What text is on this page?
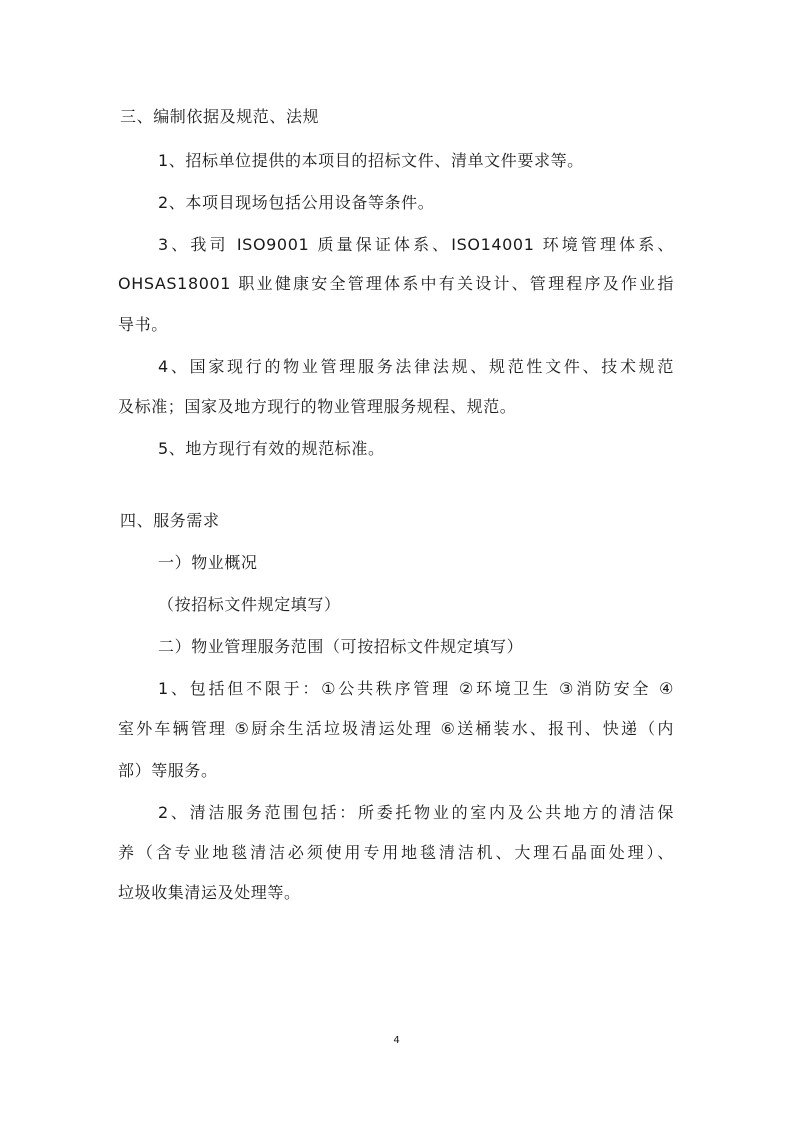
三、编制依据及规范、法规
1、招标单位提供的本项目的招标文件、清单文件要求等。
2、本项目现场包括公用设备等条件。
3、我司 ISO9001 质量保证体系、ISO14001 环境管理体系、
OHSAS18001 职业健康安全管理体系中有关设计、管理程序及作业指
导书。
4、国家现行的物业管理服务法律法规、规范性文件、技术规范
及标准；国家及地方现行的物业管理服务规程、规范。
5、地方现行有效的规范标准。
四、服务需求
一）物业概况
（按招标文件规定填写）
二）物业管理服务范围（可按招标文件规定填写）
1、包括但不限于：①公共秩序管理 ②环境卫生 ③消防安全 ④
室外车辆管理 ⑤厨余生活垃圾清运处理 ⑥送桶装水、报刊、快递（内
部）等服务。
2、清洁服务范围包括：所委托物业的室内及公共地方的清洁保
养（含专业地毯清洁必须使用专用地毯清洁机、大理石晶面处理）、
垃圾收集清运及处理等。
4
